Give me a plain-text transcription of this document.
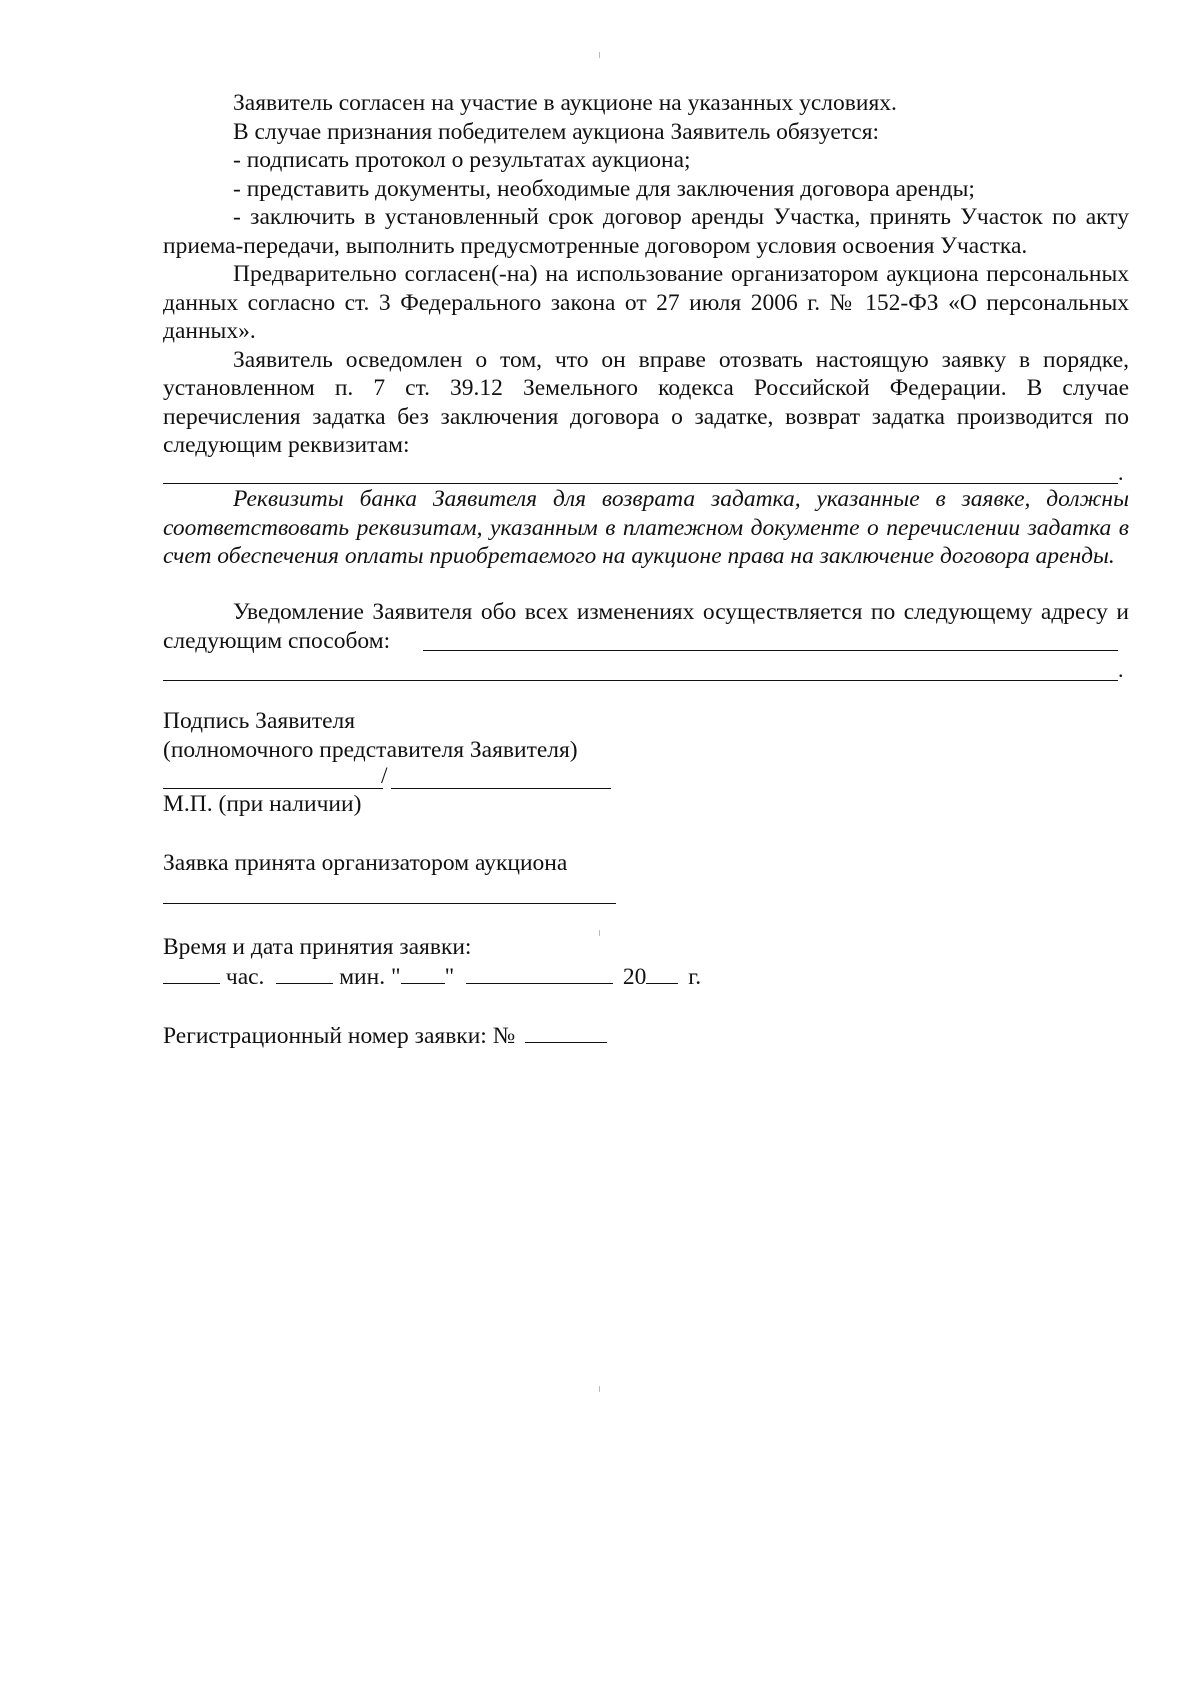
Заявитель согласен на участие в аукционе на указанных условиях.

В случае признания победителем аукциона Заявитель обязуется:

- подписать протокол о результатах аукциона;

- представить документы, необходимые для заключения договора аренды;

- заключить в установленный срок договор аренды Участка, принять Участок по акту приема-передачи, выполнить предусмотренные договором условия освоения Участка.

Предварительно согласен(-на) на использование организатором аукциона персональных данных согласно ст. 3 Федерального закона от 27 июля 2006 г. № 152-ФЗ «О персональных данных».

Заявитель осведомлен о том, что он вправе отозвать настоящую заявку в порядке, установленном п. 7 ст. 39.12 Земельного кодекса Российской Федерации. В случае перечисления задатка без заключения договора о задатке, возврат задатка производится по следующим реквизитам:

.

Реквизиты банка Заявителя для возврата задатка, указанные в заявке, должны соответствовать реквизитам, указанным в платежном документе о перечислении задатка в счет обеспечения оплаты приобретаемого на аукционе права на заключение договора аренды.

Уведомление Заявителя обо всех изменениях осуществляется по следующему адресу и следующим способом:

.
Подпись Заявителя
(полномочного представителя Заявителя)
/
М.П. (при наличии)
Заявка принята организатором аукциона
Время и дата принятия заявки:
час.	мин. " "	20 г.
Регистрационный номер заявки: №
